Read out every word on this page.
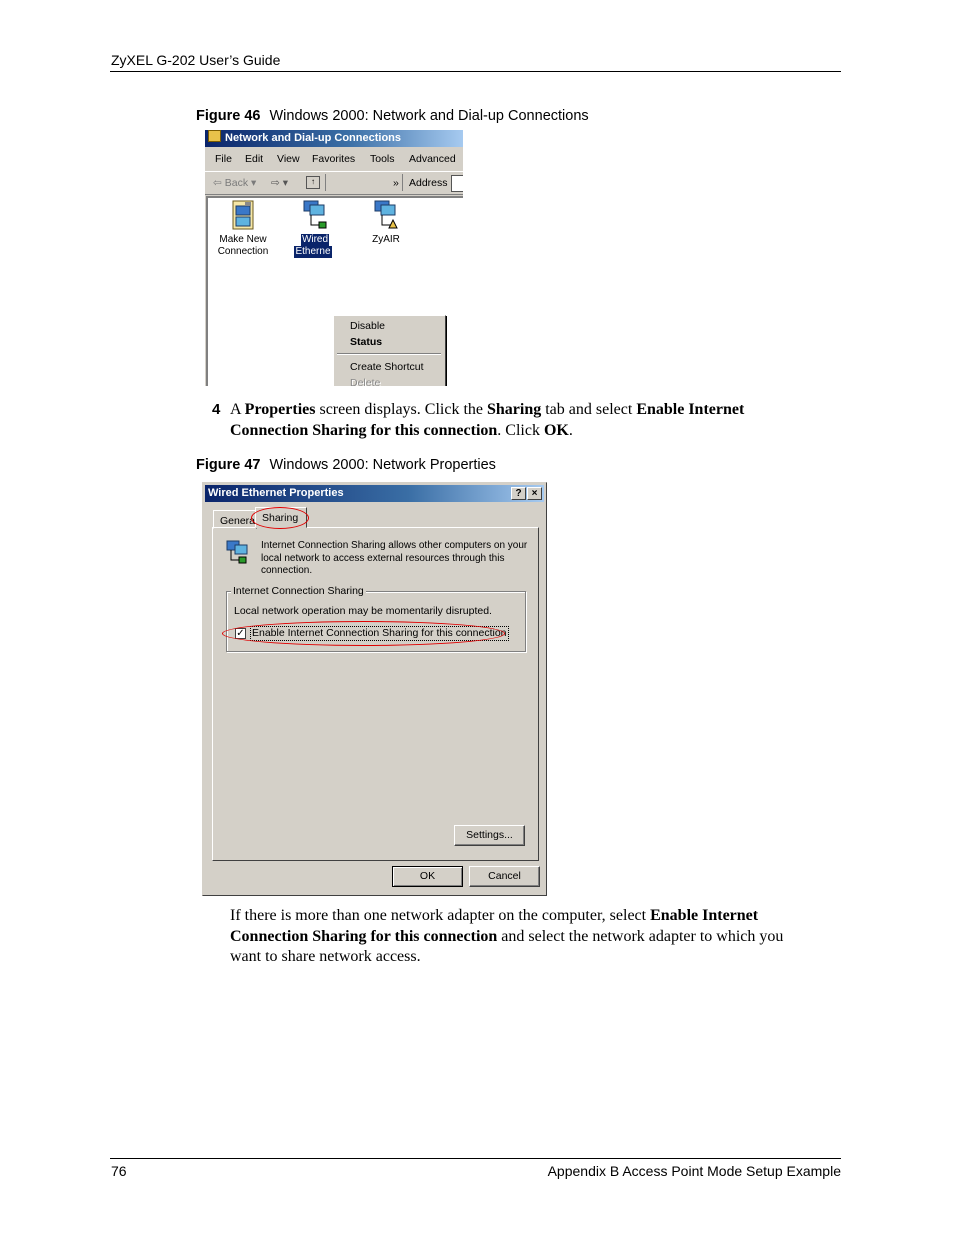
ZyXEL G-202 User’s Guide
Figure 46 Windows 2000: Network and Dial-up Connections
Network and Dial-up Connections
File Edit View Favorites Tools Advanced
⇦ Back ▾ ⇨ ▾	↑	» Address
Make New
Connection
Wired
Etherne
ZyAIR
Disable
Status
Create Shortcut
Delete
4 A Properties screen displays. Click the Sharing tab and select Enable Internet
Connection Sharing for this connection. Click OK.
Figure 47 Windows 2000: Network Properties
Wired Ethernet Properties	?	×
Genera Sharing
Internet Connection Sharing allows other computers on your
local network to access external resources through this
connection.
Internet Connection Sharing
Local network operation may be momentarily disrupted.
✓ Enable Internet Connection Sharing for this connection
Settings...
OK	Cancel
If there is more than one network adapter on the computer, select Enable Internet
Connection Sharing for this connection and select the network adapter to which you
want to share network access.
76	Appendix B Access Point Mode Setup Example
